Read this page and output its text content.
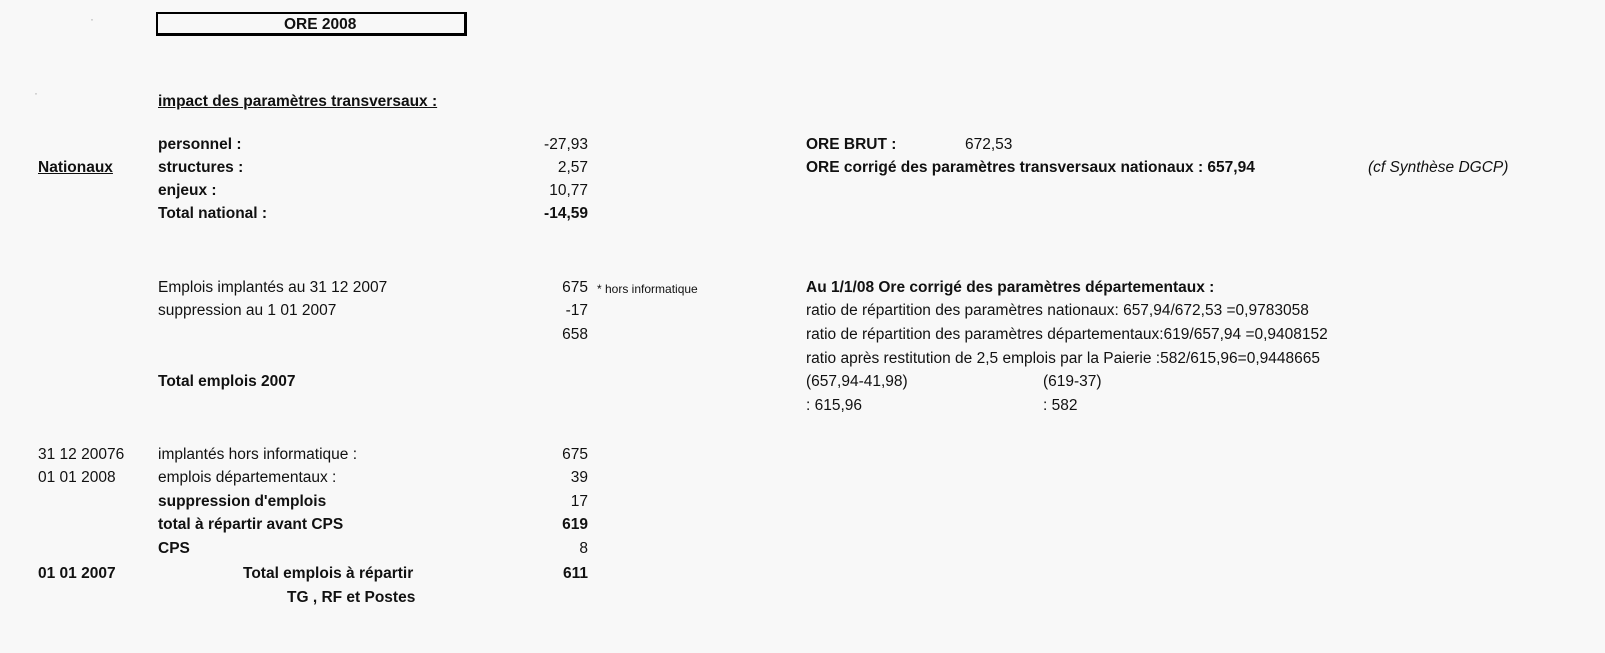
ORE 2008
·
·	impact des paramètres transversaux :
Nationaux
personnel :	-27,93
structures :	2,57
enjeux :	10,77
Total national :	-14,59
Emplois implantés au 31 12 2007	675 * hors informatique
suppression au 1 01 2007	-17
658
Total emplois 2007
31 12 20076 implantés hors informatique :	675
01 01 2008	emplois départementaux :	39
suppression d'emplois	17
total à répartir avant CPS	619
CPS	8
01 01 2007	Total emplois à répartir	611
TG , RF et Postes
ORE BRUT :	672,53
ORE corrigé des paramètres transversaux nationaux : 657,94	(cf Synthèse DGCP)
Au 1/1/08 Ore corrigé des paramètres départementaux :
ratio de répartition des paramètres nationaux: 657,94/672,53 =0,9783058
ratio de répartition des paramètres départementaux:619/657,94 =0,9408152
ratio après restitution de 2,5 emplois par la Paierie :582/615,96=0,9448665
(657,94-41,98)	(619-37)
: 615,96	: 582
